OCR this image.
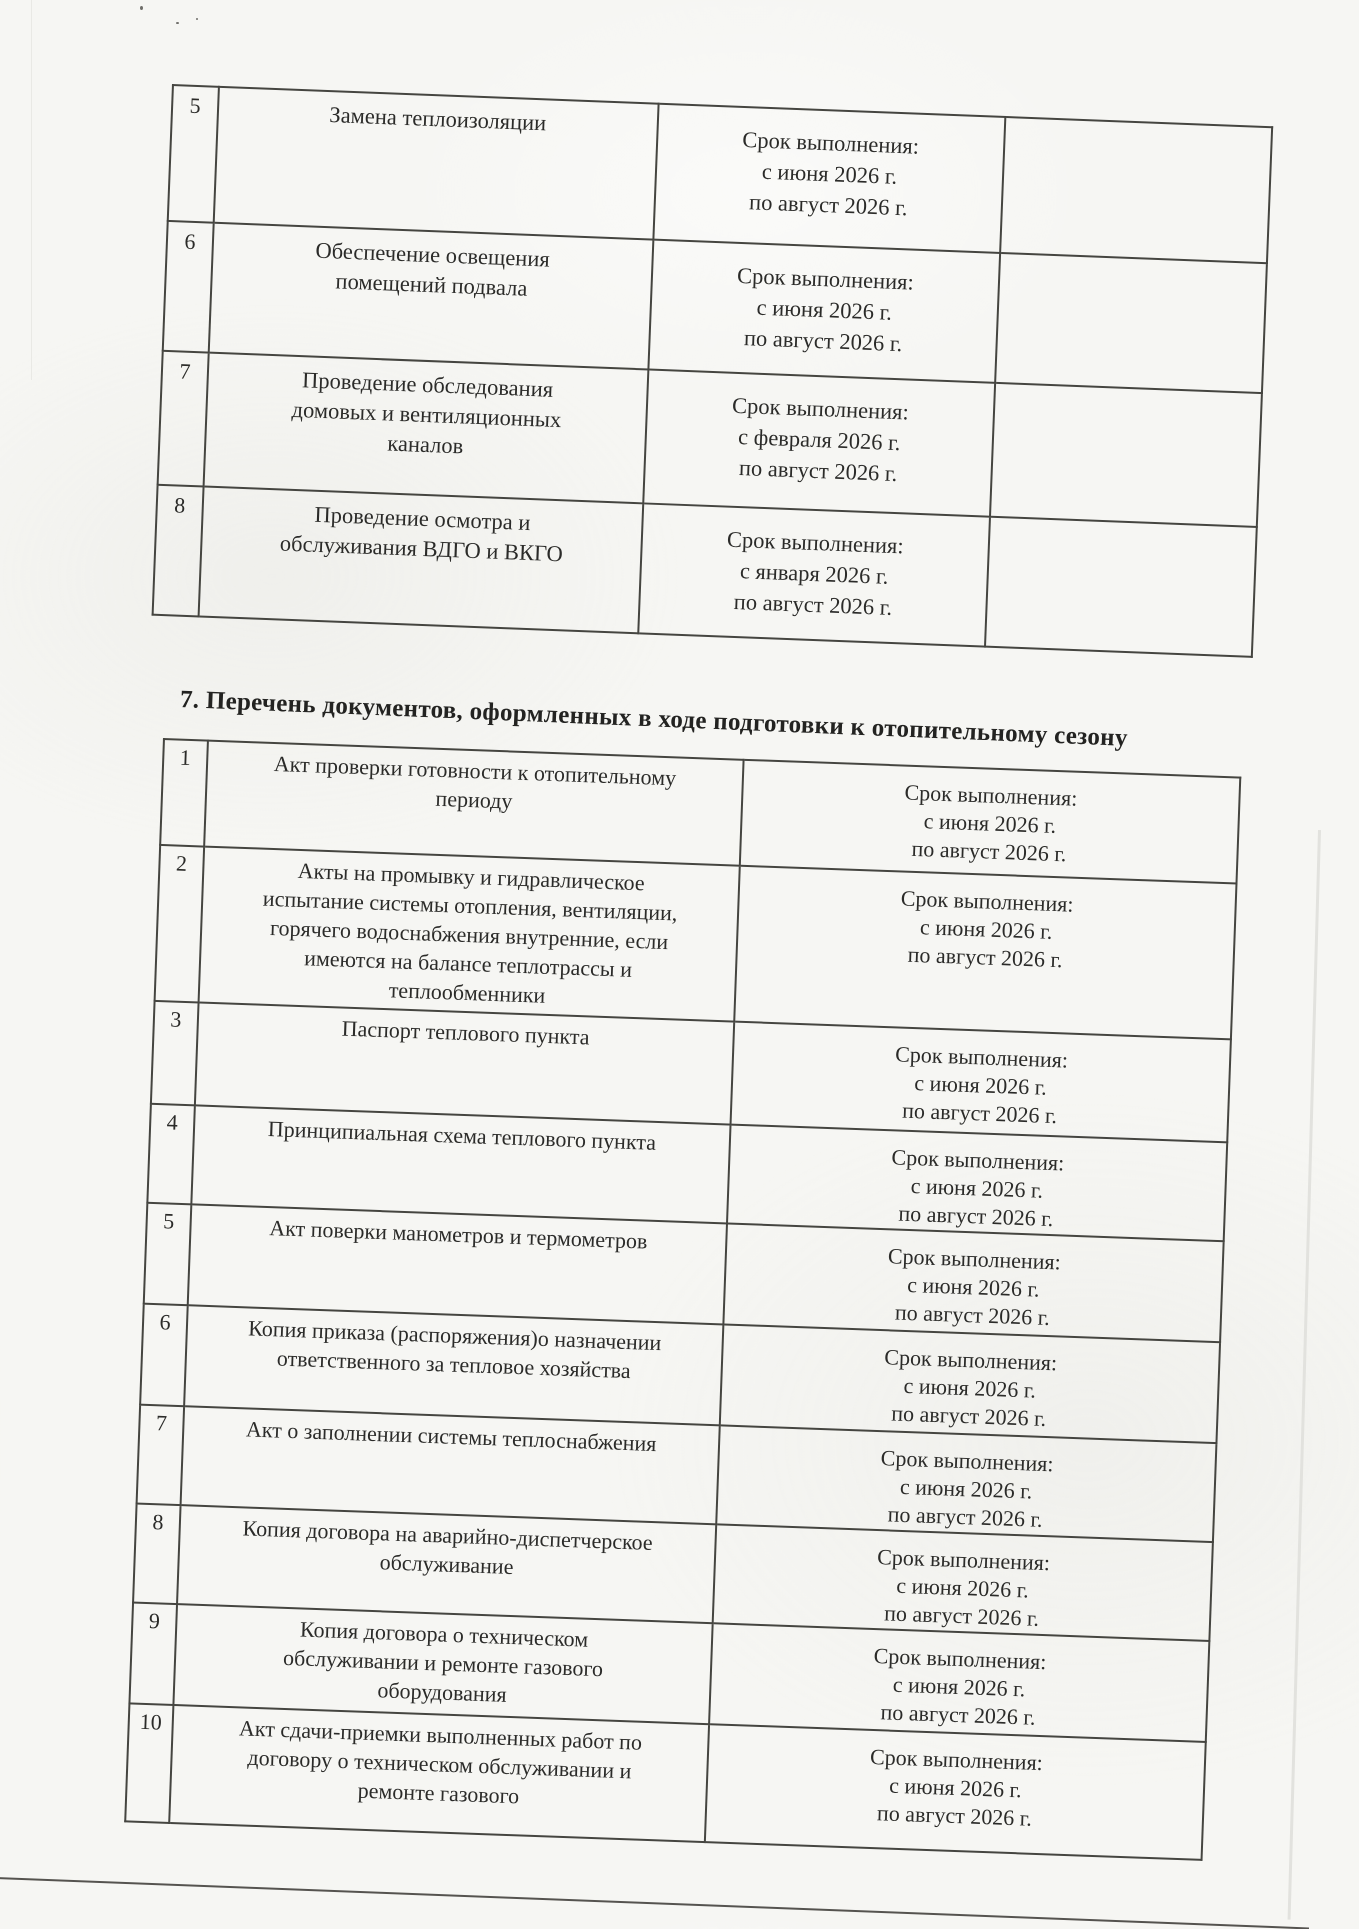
5	Замена теплоизоляции	Срок выполнения:
с июня 2026 г.
по август 2026 г.	

6	Обеспечение освещения помещений подвала	Срок выполнения:
с июня 2026 г.
по август 2026 г.	

7	Проведение обследования домовых и вентиляционных каналов	Срок выполнения:
с февраля 2026 г.
по август 2026 г.	

8	Проведение осмотра и обслуживания ВДГО и ВКГО	Срок выполнения:
с января 2026 г.
по август 2026 г.	

7. Перечень документов, оформленных в ходе подготовки к отопительному сезону
1	Акт проверки готовности к отопительному периоду	Срок выполнения:
с июня 2026 г.
по август 2026 г.

2	Акты на промывку и гидравлическое испытание системы отопления, вентиляции, горячего водоснабжения внутренние, если имеются на балансе теплотрассы и теплообменники	Срок выполнения:
с июня 2026 г.
по август 2026 г.

3	Паспорт теплового пункта	Срок выполнения:
с июня 2026 г.
по август 2026 г.

4	Принципиальная схема теплового пункта	Срок выполнения:
с июня 2026 г.
по август 2026 г.

5	Акт поверки манометров и термометров	Срок выполнения:
с июня 2026 г.
по август 2026 г.

6	Копия приказа (распоряжения)о назначении ответственного за тепловое хозяйства	Срок выполнения:
с июня 2026 г.
по август 2026 г.

7	Акт о заполнении системы теплоснабжения	Срок выполнения:
с июня 2026 г.
по август 2026 г.

8	Копия договора на аварийно-диспетчерское обслуживание	Срок выполнения:
с июня 2026 г.
по август 2026 г.

9	Копия договора о техническом обслуживании и ремонте газового оборудования	Срок выполнения:
с июня 2026 г.
по август 2026 г.

10	Акт сдачи-приемки выполненных работ по договору о техническом обслуживании и ремонте газового	Срок выполнения:
с июня 2026 г.
по август 2026 г.
